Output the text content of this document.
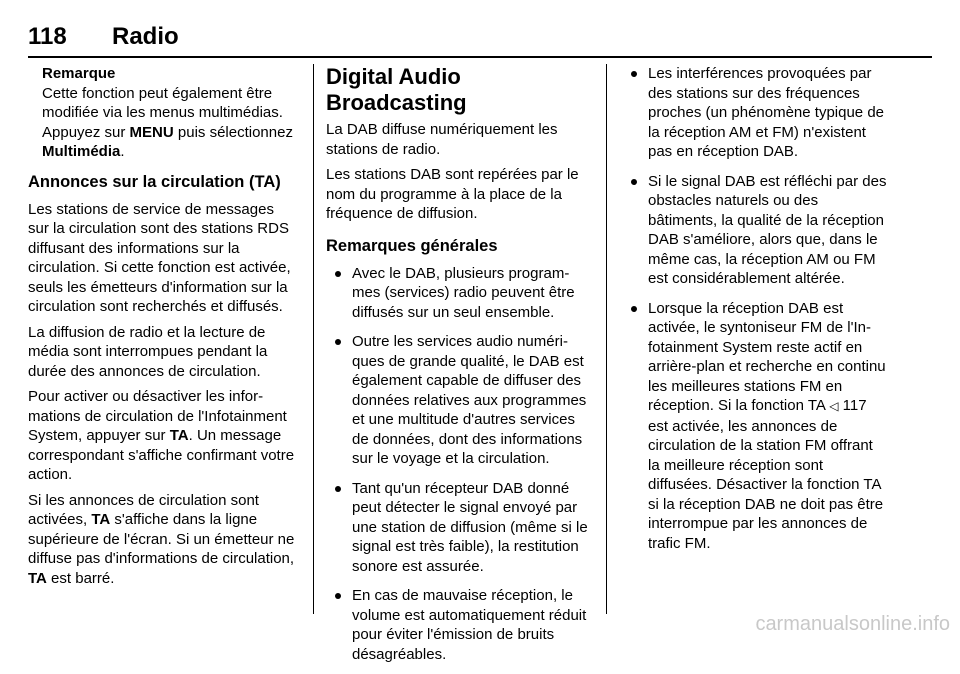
118 Radio
Remarque
Cette fonction peut également être modifiée via les menus multimédias. Appuyez sur MENU puis sélectionnez Multimédia.
Annonces sur la circulation (TA)

Les stations de service de messages sur la circulation sont des stations RDS diffusant des informations sur la circulation. Si cette fonction est activée, seuls les émetteurs d'information sur la circulation sont recherchés et diffusés.

La diffusion de radio et la lecture de média sont interrompues pendant la durée des annonces de circulation.

Pour activer ou désactiver les informations de circulation de l'Infotainment System, appuyer sur TA. Un message correspondant s'affiche confirmant votre action.

Si les annonces de circulation sont activées, TA s'affiche dans la ligne supérieure de l'écran. Si un émetteur ne diffuse pas d'informations de circulation, TA est barré.

Digital Audio Broadcasting

La DAB diffuse numériquement les stations de radio.

Les stations DAB sont repérées par le nom du programme à la place de la fréquence de diffusion.

Remarques générales
Avec le DAB, plusieurs programmes (services) radio peuvent être diffusés sur un seul ensemble.
Outre les services audio numériques de grande qualité, le DAB est également capable de diffuser des données relatives aux programmes et une multitude d'autres services de données, dont des informations sur le voyage et la circulation.
Tant qu'un récepteur DAB donné peut détecter le signal envoyé par une station de diffusion (même si le signal est très faible), la restitution sonore est assurée.
En cas de mauvaise réception, le volume est automatiquement réduit pour éviter l'émission de bruits désagréables.
Les interférences provoquées par des stations sur des fréquences proches (un phénomène typique de la réception AM et FM) n'existent pas en réception DAB.
Si le signal DAB est réfléchi par des obstacles naturels ou des bâtiments, la qualité de la réception DAB s'améliore, alors que, dans le même cas, la réception AM ou FM est considérablement altérée.
Lorsque la réception DAB est activée, le syntoniseur FM de l'Infotainment System reste actif en arrière-plan et recherche en continu les meilleures stations FM en réception. Si la fonction TA ◁ 117 est activée, les annonces de circulation de la station FM offrant la meilleure réception sont diffusées. Désactiver la fonction TA si la réception DAB ne doit pas être interrompue par les annonces de trafic FM.
carmanualsonline.info
